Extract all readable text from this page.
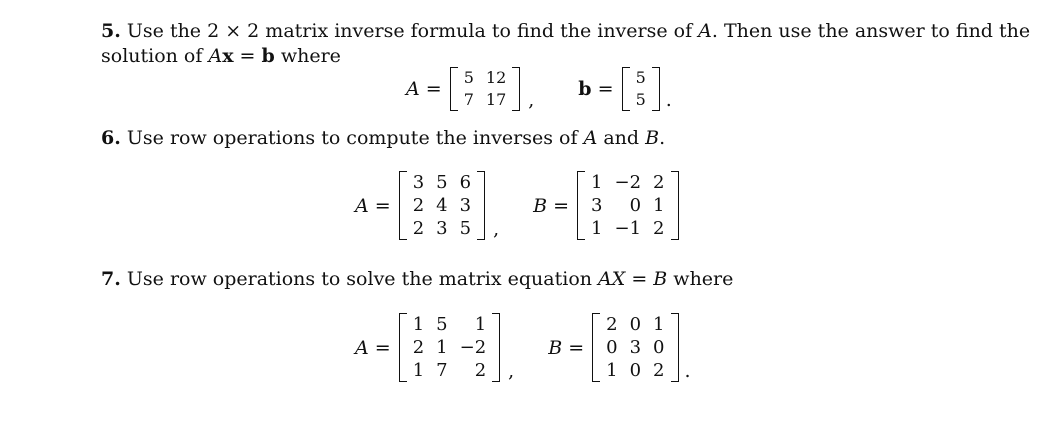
5. Use the 2 × 2 matrix inverse formula to find the inverse of A. Then use the answer to find the
solution of Ax = b where
A =
5	12
7	17 , b =
5
5 .
6. Use row operations to compute the inverses of A and B.
A =
3	5	6
2	4	3
2	3	5 ,
B =
1	−2	2
3	0	1
1	−1	2
7. Use row operations to solve the matrix equation AX = B where
A =
1	5	1
2	1	−2
1	7	2 ,
B =
2	0	1
0	3	0
1	0	2 .
